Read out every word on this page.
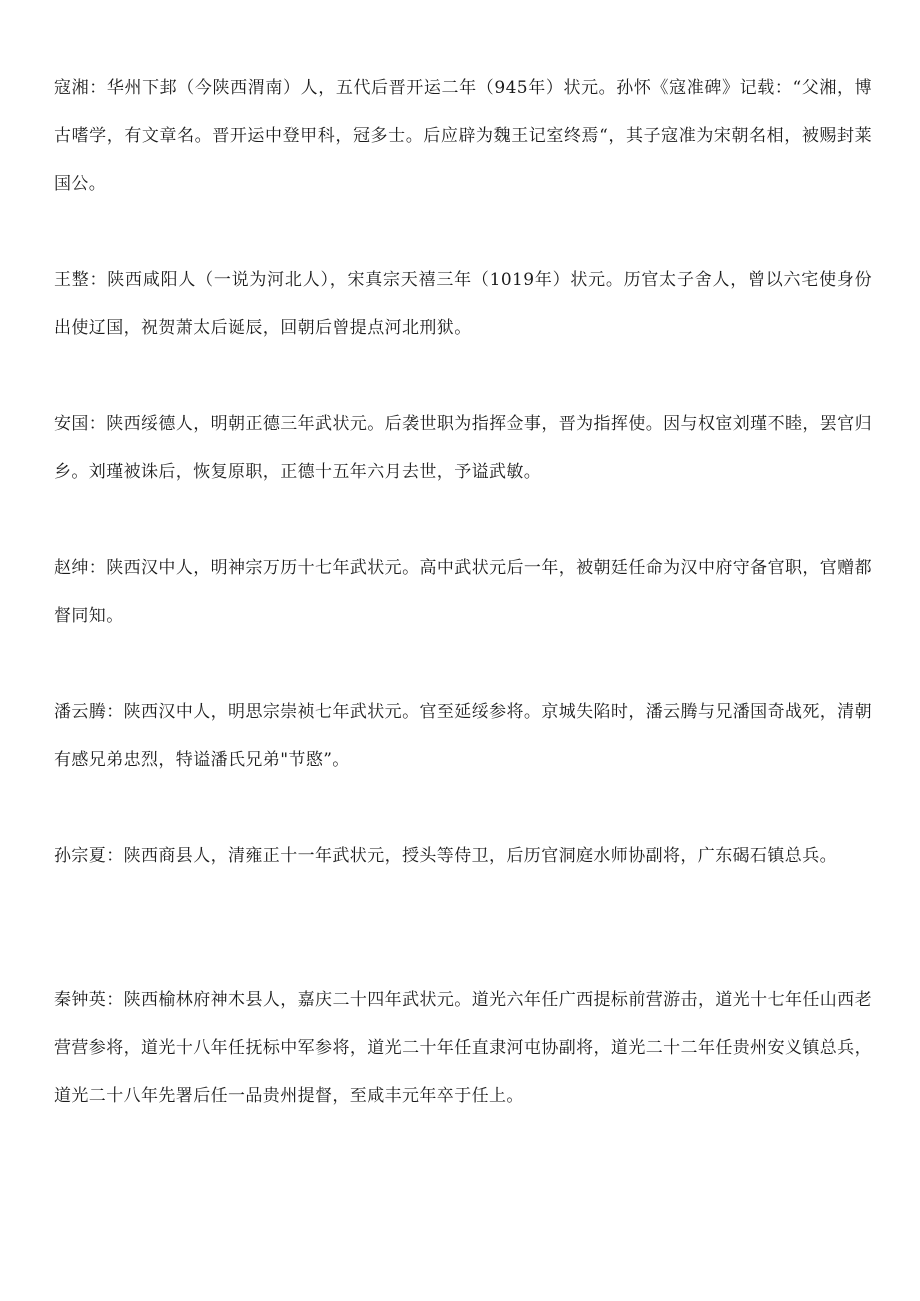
寇湘：华州下邽（今陕西渭南）人，五代后晋开运二年（945年）状元。孙怀《寇准碑》记载：“父湘，博古嗜学，有文章名。晋开运中登甲科，冠多士。后应辟为魏王记室终焉“，其子寇准为宋朝名相，被赐封莱国公。

王整：陕西咸阳人（一说为河北人），宋真宗天禧三年（1019年）状元。历官太子舍人，曾以六宅使身份出使辽国，祝贺萧太后诞辰，回朝后曾提点河北刑狱。

安国：陕西绥德人，明朝正德三年武状元。后袭世职为指挥佥事，晋为指挥使。因与权宦刘瑾不睦，罢官归乡。刘瑾被诛后，恢复原职，正德十五年六月去世，予谥武敏。

赵绅：陕西汉中人，明神宗万历十七年武状元。高中武状元后一年，被朝廷任命为汉中府守备官职，官赠都督同知。

潘云腾：陕西汉中人，明思宗崇祯七年武状元。官至延绥参将。京城失陷时，潘云腾与兄潘国奇战死，清朝有感兄弟忠烈，特谥潘氏兄弟"节愍”。

孙宗夏：陕西商县人，清雍正十一年武状元，授头等侍卫，后历官洞庭水师协副将，广东碣石镇总兵。

秦钟英：陕西榆林府神木县人，嘉庆二十四年武状元。道光六年任广西提标前营游击，道光十七年任山西老营营参将，道光十八年任抚标中军参将，道光二十年任直隶河屯协副将，道光二十二年任贵州安义镇总兵，道光二十八年先署后任一品贵州提督，至咸丰元年卒于任上。
